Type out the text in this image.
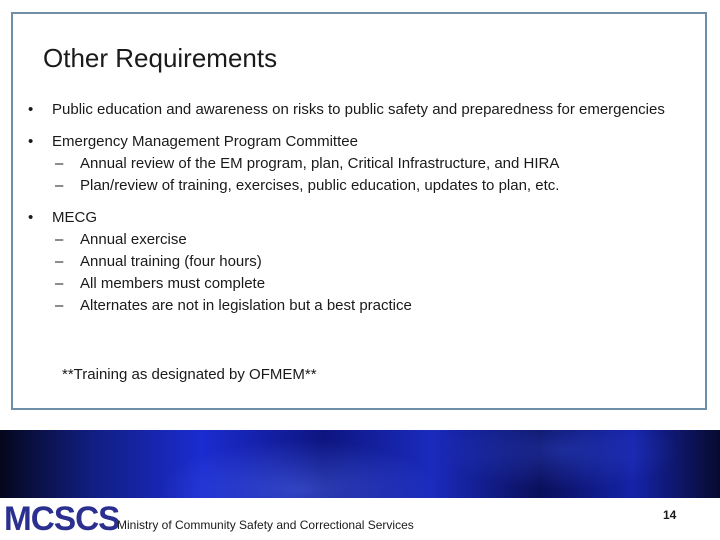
Other Requirements
• Public education and awareness on risks to public safety and preparedness for emergencies
• Emergency Management Program Committee
– Annual review of the EM program, plan, Critical Infrastructure, and HIRA
– Plan/review of training, exercises, public education, updates to plan, etc.
• MECG
– Annual exercise
– Annual training (four hours)
– All members must complete
– Alternates are not in legislation but a best practice
**Training as designated by OFMEM**
MCSCS
Ministry of Community Safety and Correctional Services
14
